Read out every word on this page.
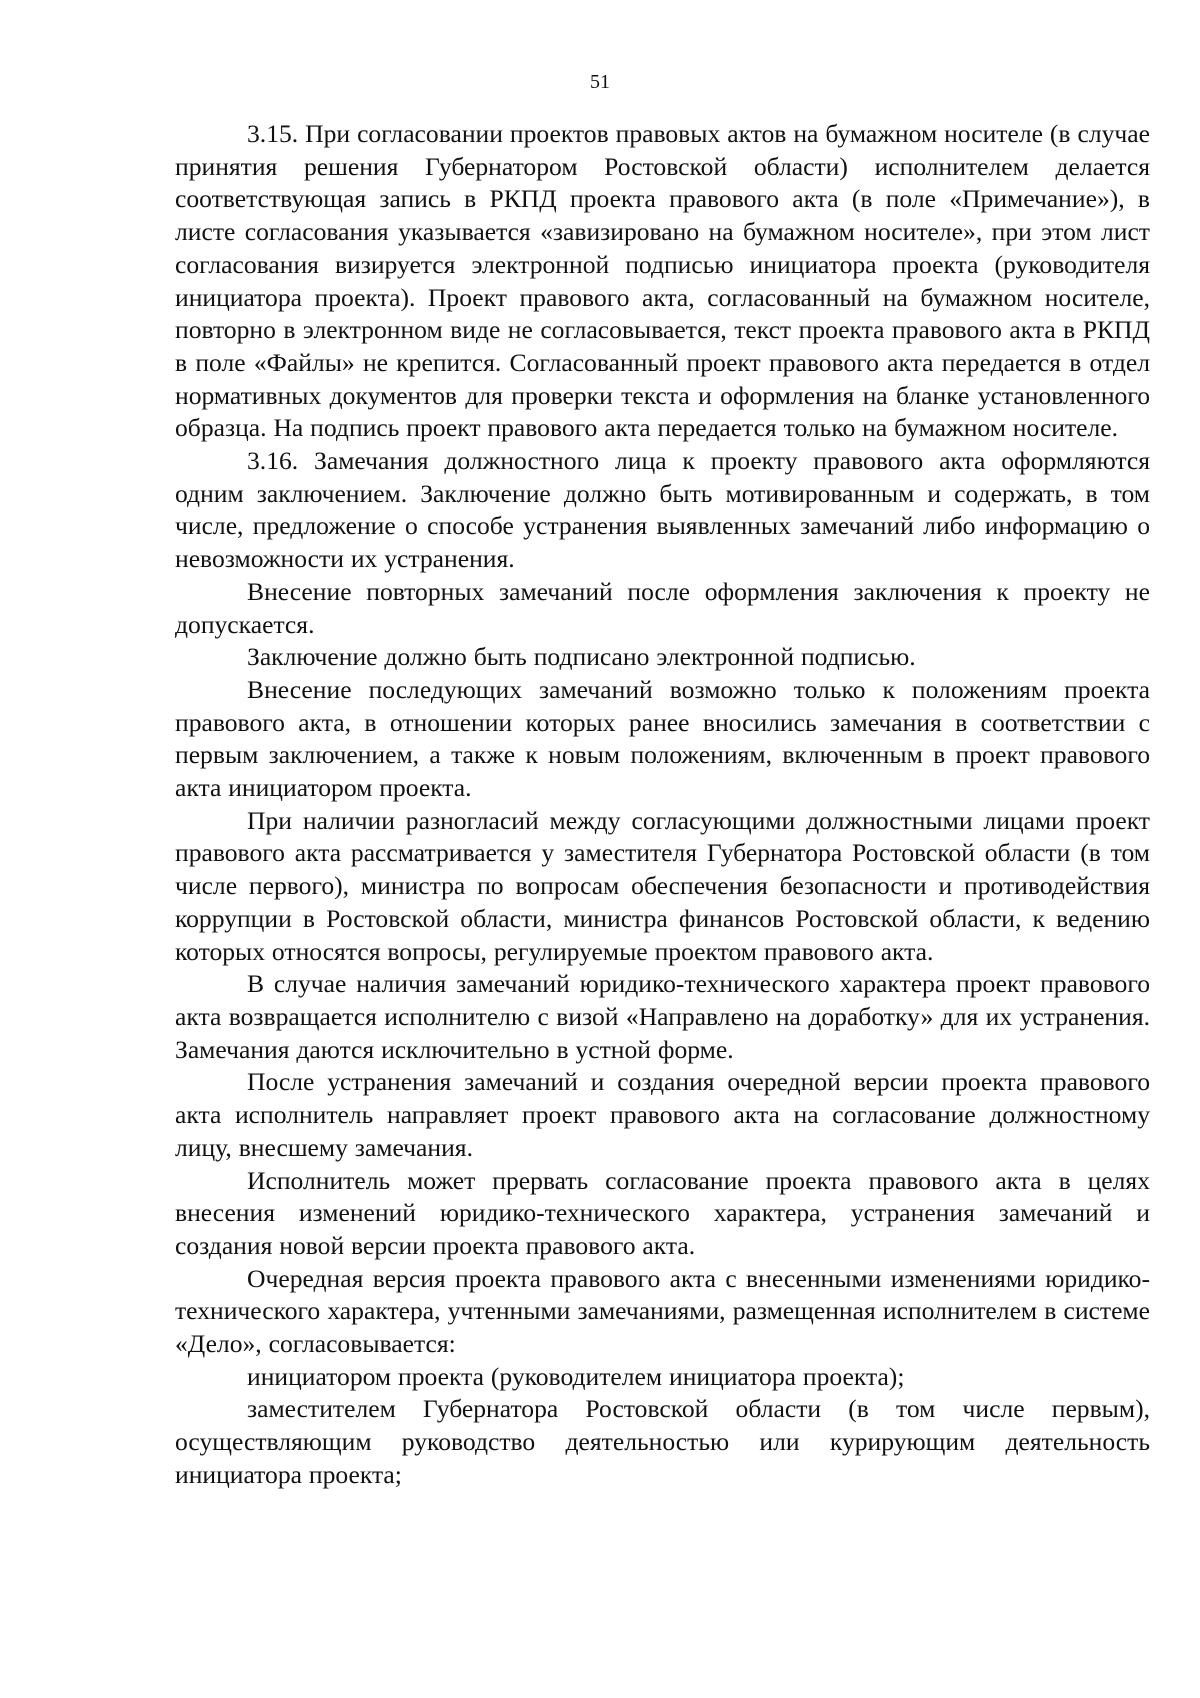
51

3.15. При согласовании проектов правовых актов на бумажном носителе (в случае принятия решения Губернатором Ростовской области) исполнителем делается соответствующая запись в РКПД проекта правового акта (в поле «Примечание»), в листе согласования указывается «завизировано на бумажном носителе», при этом лист согласования визируется электронной подписью инициатора проекта (руководителя инициатора проекта). Проект правового акта, согласованный на бумажном носителе, повторно в электронном виде не согласовывается, текст проекта правового акта в РКПД в поле «Файлы» не крепится. Согласованный проект правового акта передается в отдел нормативных документов для проверки текста и оформления на бланке установленного образца. На подпись проект правового акта передается только на бумажном носителе.

3.16. Замечания должностного лица к проекту правового акта оформляются одним заключением. Заключение должно быть мотивированным и содержать, в том числе, предложение о способе устранения выявленных замечаний либо информацию о невозможности их устранения.

Внесение повторных замечаний после оформления заключения к проекту не допускается.

Заключение должно быть подписано электронной подписью.

Внесение последующих замечаний возможно только к положениям проекта правового акта, в отношении которых ранее вносились замечания в соответствии с первым заключением, а также к новым положениям, включенным в проект правового акта инициатором проекта.

При наличии разногласий между согласующими должностными лицами проект правового акта рассматривается у заместителя Губернатора Ростовской области (в том числе первого), министра по вопросам обеспечения безопасности и противодействия коррупции в Ростовской области, министра финансов Ростовской области, к ведению которых относятся вопросы, регулируемые проектом правового акта.

В случае наличия замечаний юридико-технического характера проект правового акта возвращается исполнителю с визой «Направлено на доработку» для их устранения. Замечания даются исключительно в устной форме.

После устранения замечаний и создания очередной версии проекта правового акта исполнитель направляет проект правового акта на согласование должностному лицу, внесшему замечания.

Исполнитель может прервать согласование проекта правового акта в целях внесения изменений юридико-технического характера, устранения замечаний и создания новой версии проекта правового акта.

Очередная версия проекта правового акта с внесенными изменениями юридико-технического характера, учтенными замечаниями, размещенная исполнителем в системе «Дело», согласовывается:

инициатором проекта (руководителем инициатора проекта);

заместителем Губернатора Ростовской области (в том числе первым), осуществляющим руководство деятельностью или курирующим деятельность инициатора проекта;
